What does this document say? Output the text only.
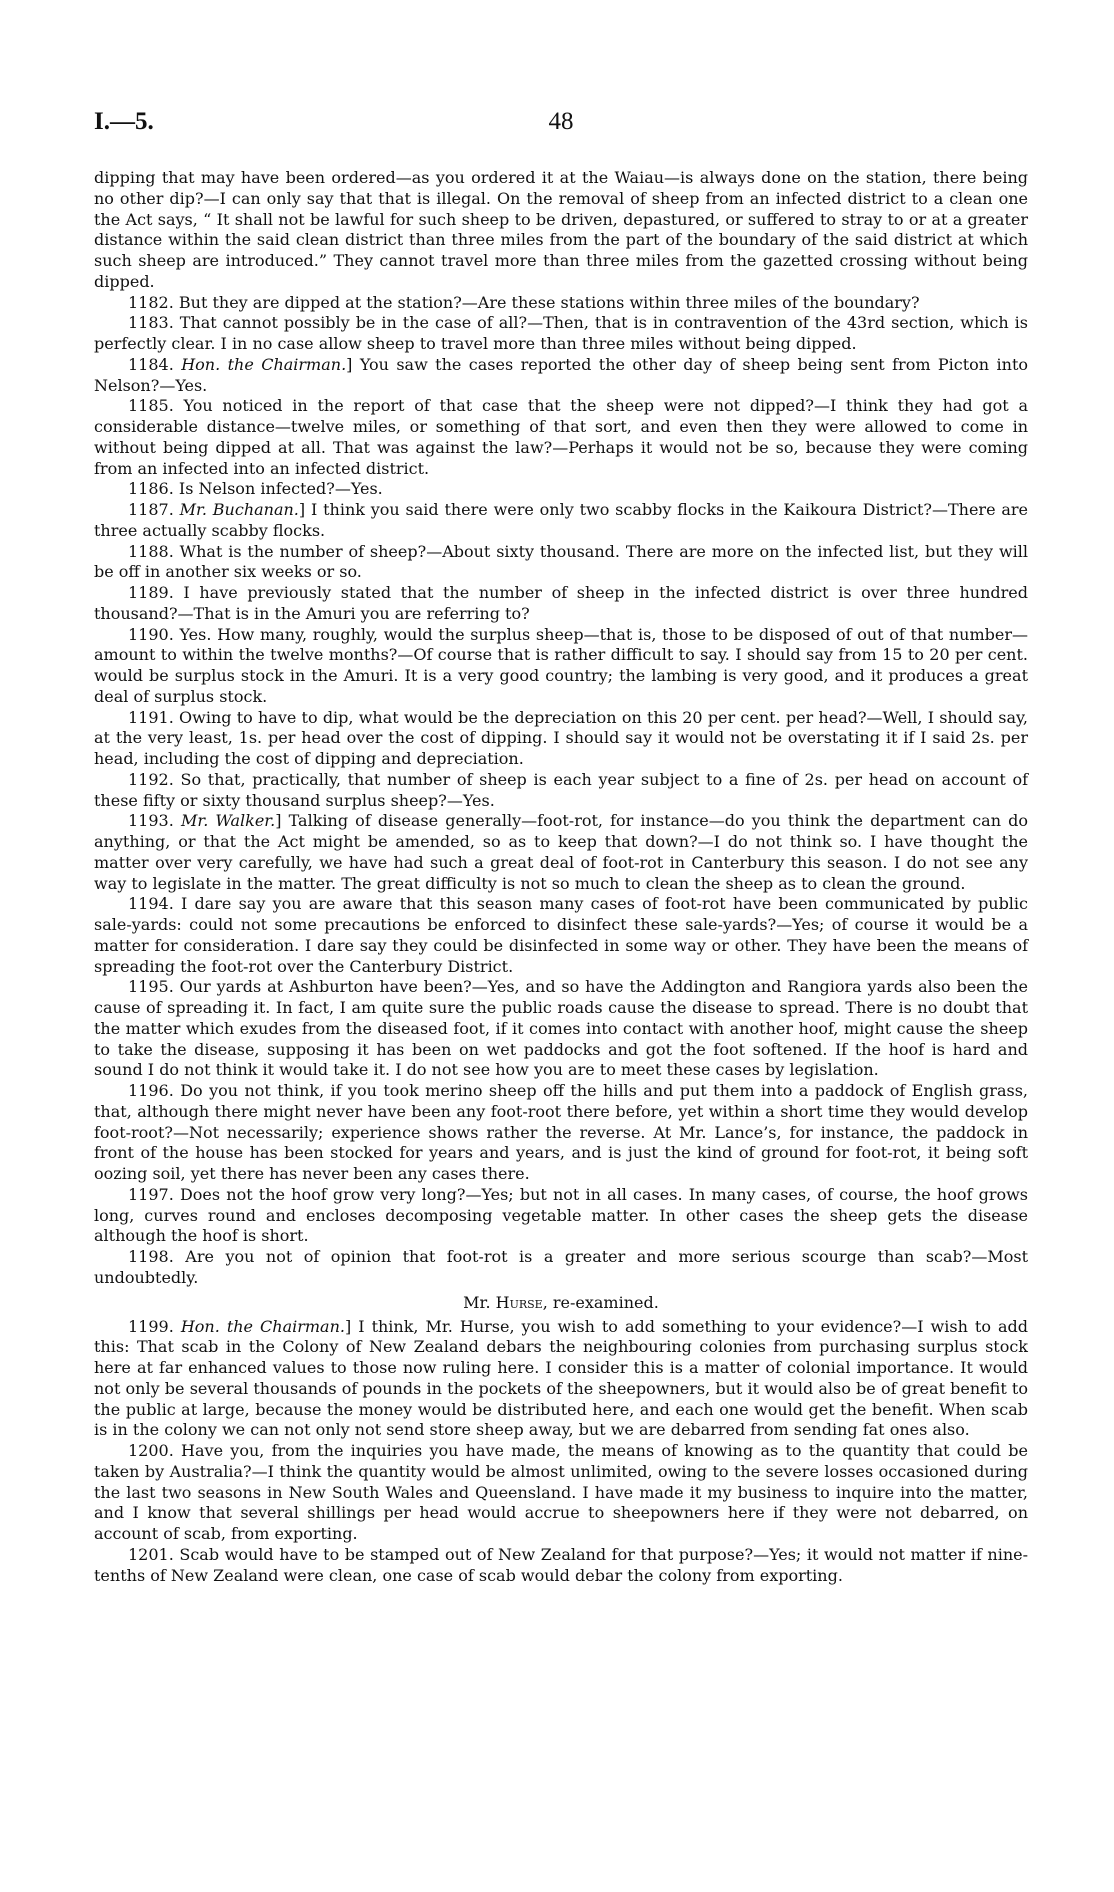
I.—5.	48

dipping that may have been ordered—as you ordered it at the Waiau—is always done on the station, there being no other dip?—I can only say that that is illegal. On the removal of sheep from an infected district to a clean one the Act says, “ It shall not be lawful for such sheep to be driven, depastured, or suffered to stray to or at a greater distance within the said clean district than three miles from the part of the boundary of the said district at which such sheep are introduced.” They cannot travel more than three miles from the gazetted crossing without being dipped.

1182. But they are dipped at the station?—Are these stations within three miles of the boundary?

1183. That cannot possibly be in the case of all?—Then, that is in contravention of the 43rd section, which is perfectly clear. I in no case allow sheep to travel more than three miles without being dipped.

1184. Hon. the Chairman.] You saw the cases reported the other day of sheep being sent from Picton into Nelson?—Yes.

1185. You noticed in the report of that case that the sheep were not dipped?—I think they had got a considerable distance—twelve miles, or something of that sort, and even then they were allowed to come in without being dipped at all. That was against the law?—Perhaps it would not be so, because they were coming from an infected into an infected district.

1186. Is Nelson infected?—Yes.

1187. Mr. Buchanan.] I think you said there were only two scabby flocks in the Kaikoura District?—There are three actually scabby flocks.

1188. What is the number of sheep?—About sixty thousand. There are more on the infected list, but they will be off in another six weeks or so.

1189. I have previously stated that the number of sheep in the infected district is over three hundred thousand?—That is in the Amuri you are referring to?

1190. Yes. How many, roughly, would the surplus sheep—that is, those to be disposed of out of that number—amount to within the twelve months?—Of course that is rather difficult to say. I should say from 15 to 20 per cent. would be surplus stock in the Amuri. It is a very good country; the lambing is very good, and it produces a great deal of surplus stock.

1191. Owing to have to dip, what would be the depreciation on this 20 per cent. per head?—Well, I should say, at the very least, 1s. per head over the cost of dipping. I should say it would not be overstating it if I said 2s. per head, including the cost of dipping and depreciation.

1192. So that, practically, that number of sheep is each year subject to a fine of 2s. per head on account of these fifty or sixty thousand surplus sheep?—Yes.

1193. Mr. Walker.] Talking of disease generally—foot-rot, for instance—do you think the department can do anything, or that the Act might be amended, so as to keep that down?—I do not think so. I have thought the matter over very carefully, we have had such a great deal of foot-rot in Canterbury this season. I do not see any way to legislate in the matter. The great difficulty is not so much to clean the sheep as to clean the ground.

1194. I dare say you are aware that this season many cases of foot-rot have been communicated by public sale-yards: could not some precautions be enforced to disinfect these sale-yards?—Yes; of course it would be a matter for consideration. I dare say they could be disinfected in some way or other. They have been the means of spreading the foot-rot over the Canterbury District.

1195. Our yards at Ashburton have been?—Yes, and so have the Addington and Rangiora yards also been the cause of spreading it. In fact, I am quite sure the public roads cause the disease to spread. There is no doubt that the matter which exudes from the diseased foot, if it comes into contact with another hoof, might cause the sheep to take the disease, supposing it has been on wet paddocks and got the foot softened. If the hoof is hard and sound I do not think it would take it. I do not see how you are to meet these cases by legislation.

1196. Do you not think, if you took merino sheep off the hills and put them into a paddock of English grass, that, although there might never have been any foot-root there before, yet within a short time they would develop foot-root?—Not necessarily; experience shows rather the reverse. At Mr. Lance’s, for instance, the paddock in front of the house has been stocked for years and years, and is just the kind of ground for foot-rot, it being soft oozing soil, yet there has never been any cases there.

1197. Does not the hoof grow very long?—Yes; but not in all cases. In many cases, of course, the hoof grows long, curves round and encloses decomposing vegetable matter. In other cases the sheep gets the disease although the hoof is short.

1198. Are you not of opinion that foot-rot is a greater and more serious scourge than scab?—Most undoubtedly.

Mr. Hurse, re-examined.

1199. Hon. the Chairman.] I think, Mr. Hurse, you wish to add something to your evidence?—I wish to add this: That scab in the Colony of New Zealand debars the neighbouring colonies from purchasing surplus stock here at far enhanced values to those now ruling here. I consider this is a matter of colonial importance. It would not only be several thousands of pounds in the pockets of the sheepowners, but it would also be of great benefit to the public at large, because the money would be distributed here, and each one would get the benefit. When scab is in the colony we can not only not send store sheep away, but we are debarred from sending fat ones also.

1200. Have you, from the inquiries you have made, the means of knowing as to the quantity that could be taken by Australia?—I think the quantity would be almost unlimited, owing to the severe losses occasioned during the last two seasons in New South Wales and Queensland. I have made it my business to inquire into the matter, and I know that several shillings per head would accrue to sheepowners here if they were not debarred, on account of scab, from exporting.

1201. Scab would have to be stamped out of New Zealand for that purpose?—Yes; it would not matter if nine-tenths of New Zealand were clean, one case of scab would debar the colony from exporting.
